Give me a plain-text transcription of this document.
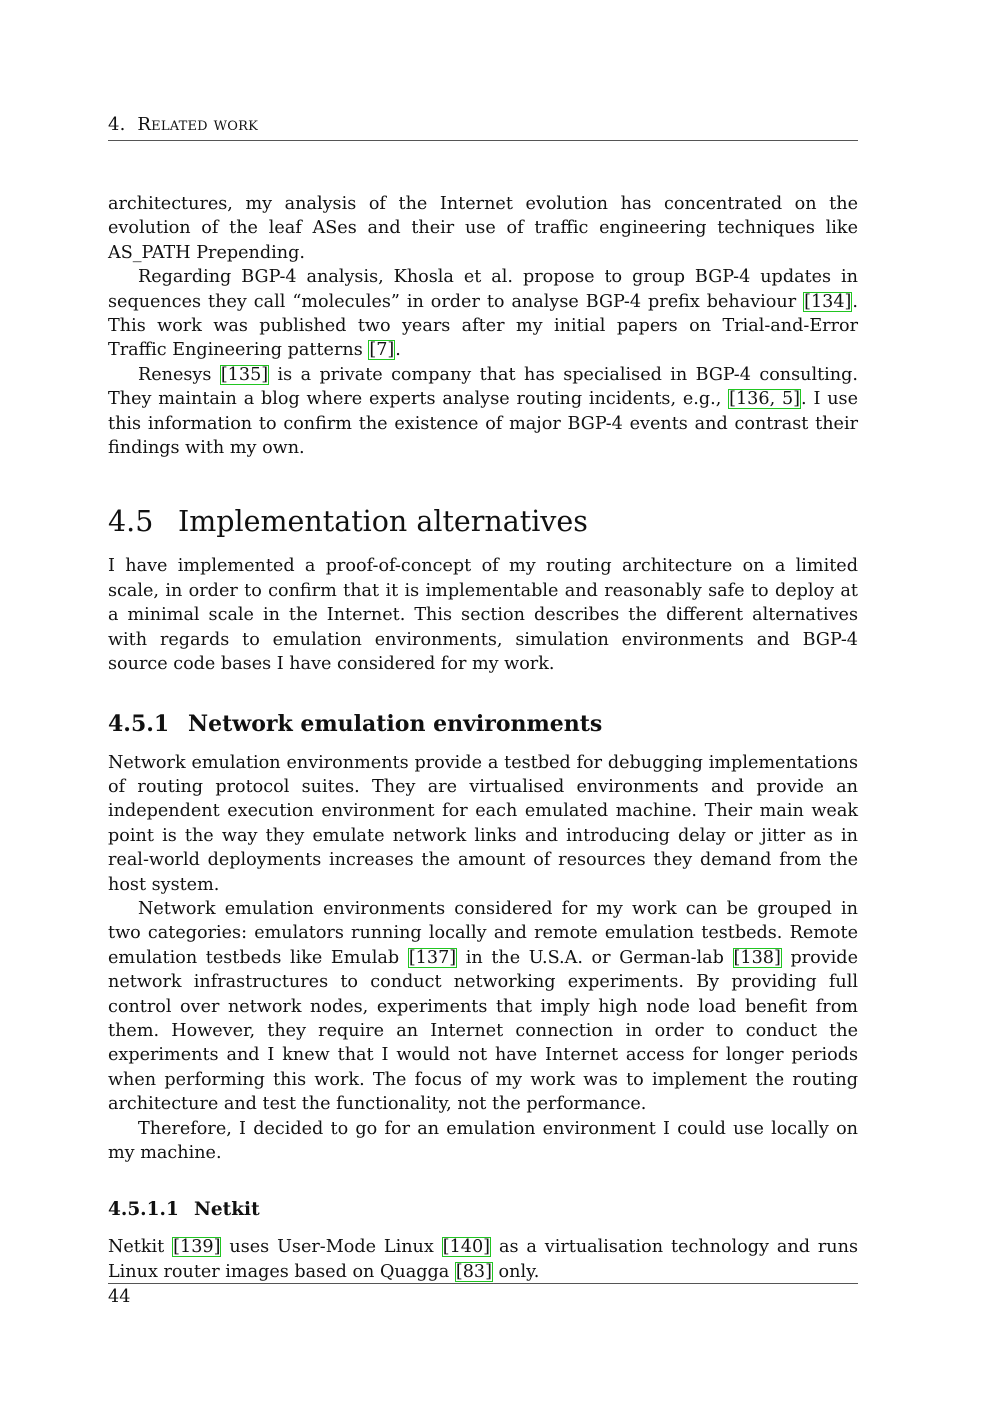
4. Related work

architectures, my analysis of the Internet evolution has concentrated on the evolution of the leaf ASes and their use of traffic engineering techniques like AS_PATH Prepending.

Regarding BGP-4 analysis, Khosla et al. propose to group BGP-4 updates in sequences they call “molecules” in order to analyse BGP-4 prefix behaviour [134]. This work was published two years after my initial papers on Trial-and-Error Traffic Engineering patterns [7].

Renesys [135] is a private company that has specialised in BGP-4 consulting. They maintain a blog where experts analyse routing incidents, e.g., [136, 5]. I use this information to confirm the existence of major BGP-4 events and contrast their findings with my own.

4.5 Implementation alternatives

I have implemented a proof-of-concept of my routing architecture on a limited scale, in order to confirm that it is implementable and reasonably safe to deploy at a minimal scale in the Internet. This section describes the different alternatives with regards to emulation environments, simulation environments and BGP-4 source code bases I have considered for my work.

4.5.1 Network emulation environments

Network emulation environments provide a testbed for debugging implementations of routing protocol suites. They are virtualised environments and provide an independent execution environment for each emulated machine. Their main weak point is the way they emulate network links and introducing delay or jitter as in real-world deployments increases the amount of resources they demand from the host system.

Network emulation environments considered for my work can be grouped in two categories: emulators running locally and remote emulation testbeds. Remote emulation testbeds like Emulab [137] in the U.S.A. or German-lab [138] provide network infrastructures to conduct networking experiments. By providing full control over network nodes, experiments that imply high node load benefit from them. However, they require an Internet connection in order to conduct the experiments and I knew that I would not have Internet access for longer periods when performing this work. The focus of my work was to implement the routing architecture and test the functionality, not the performance.

Therefore, I decided to go for an emulation environment I could use locally on my machine.

4.5.1.1 Netkit

Netkit [139] uses User-Mode Linux [140] as a virtualisation technology and runs Linux router images based on Quagga [83] only.

44
